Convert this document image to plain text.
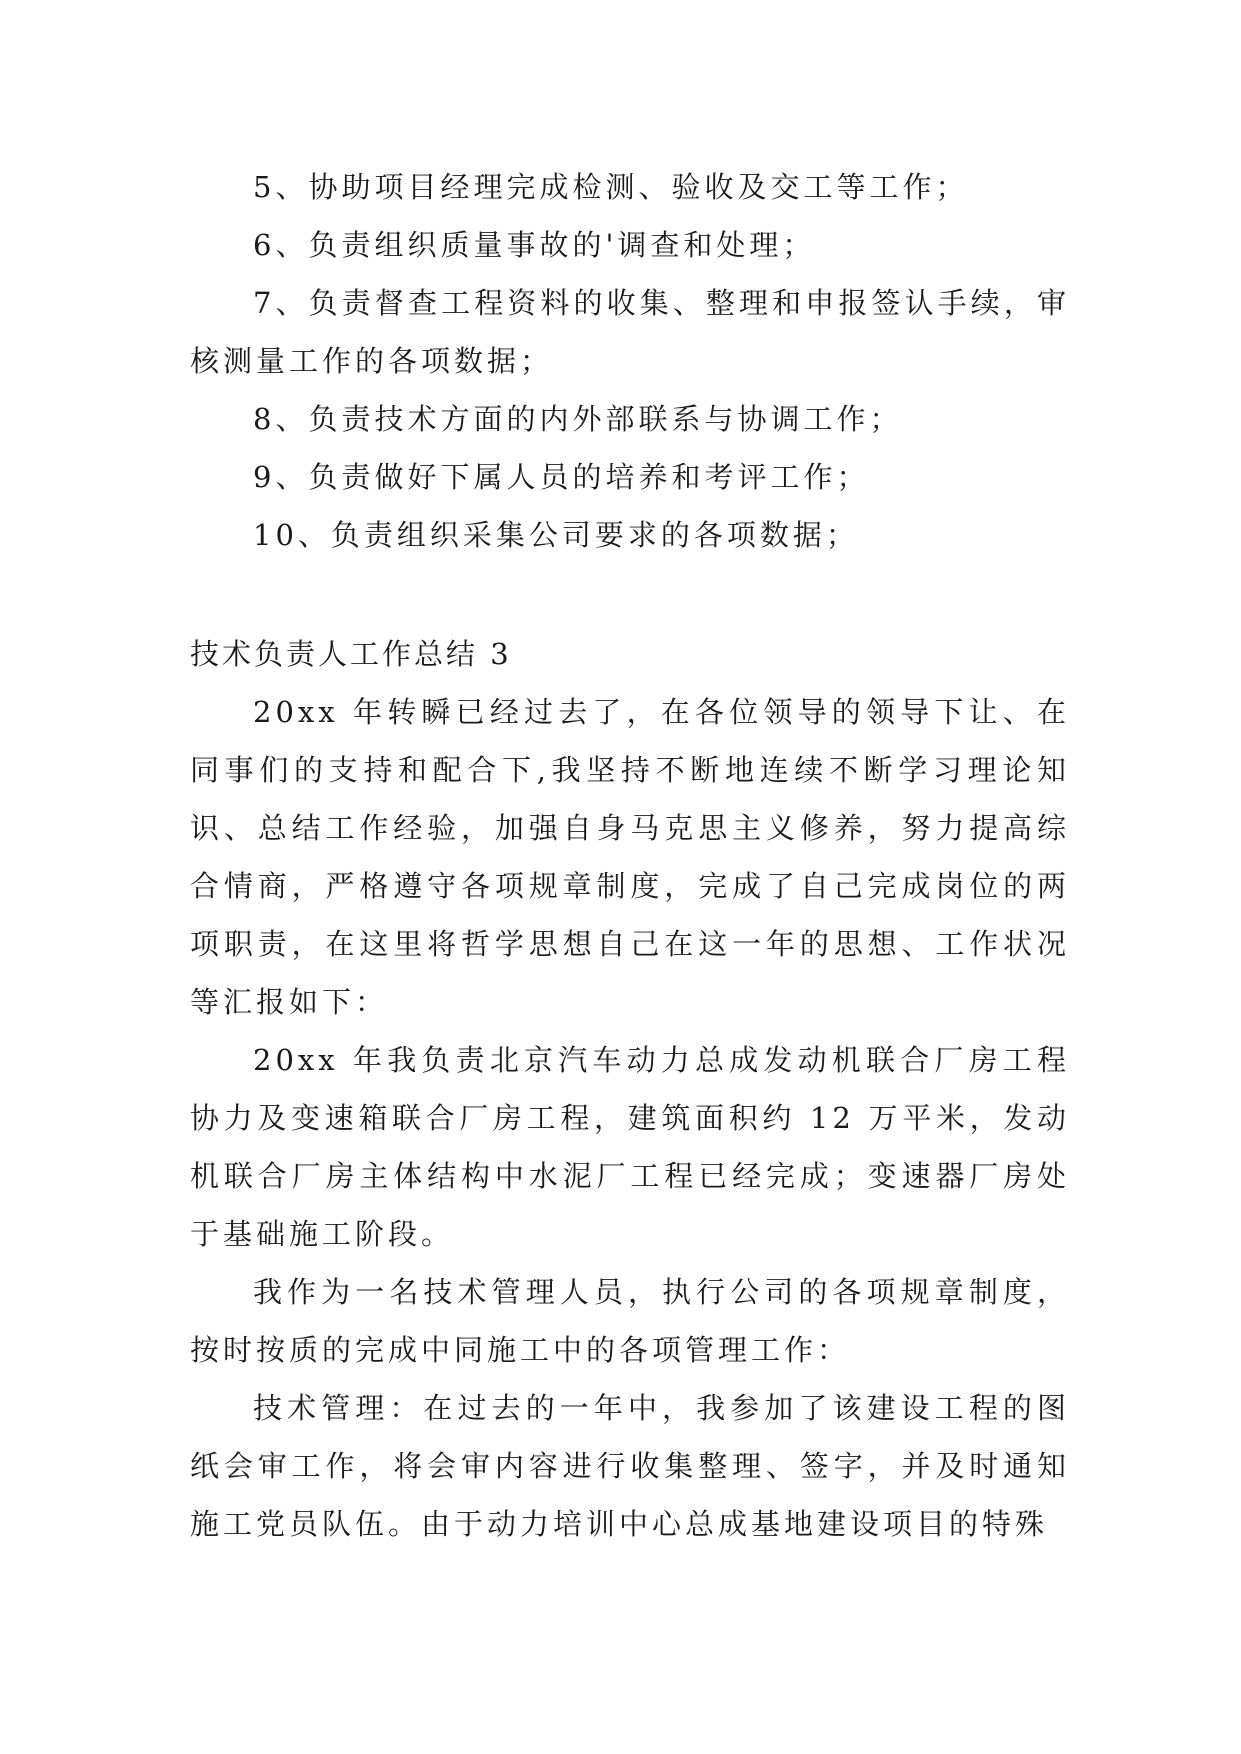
5、协助项目经理完成检测、验收及交工等工作；

6、负责组织质量事故的'调查和处理；

7、负责督查工程资料的收集、整理和申报签认手续，审核测量工作的各项数据；

8、负责技术方面的内外部联系与协调工作；

9、负责做好下属人员的培养和考评工作；

10、负责组织采集公司要求的各项数据；

技术负责人工作总结 3

20xx 年转瞬已经过去了，在各位领导的领导下让、在同事们的支持和配合下,我坚持不断地连续不断学习理论知识、总结工作经验，加强自身马克思主义修养，努力提高综合情商，严格遵守各项规章制度，完成了自己完成岗位的两项职责，在这里将哲学思想自己在这一年的思想、工作状况等汇报如下：

20xx 年我负责北京汽车动力总成发动机联合厂房工程协力及变速箱联合厂房工程，建筑面积约 12 万平米，发动机联合厂房主体结构中水泥厂工程已经完成；变速器厂房处于基础施工阶段。

我作为一名技术管理人员，执行公司的各项规章制度，按时按质的完成中同施工中的各项管理工作：

技术管理：在过去的一年中，我参加了该建设工程的图纸会审工作，将会审内容进行收集整理、签字，并及时通知施工党员队伍。由于动力培训中心总成基地建设项目的特殊
